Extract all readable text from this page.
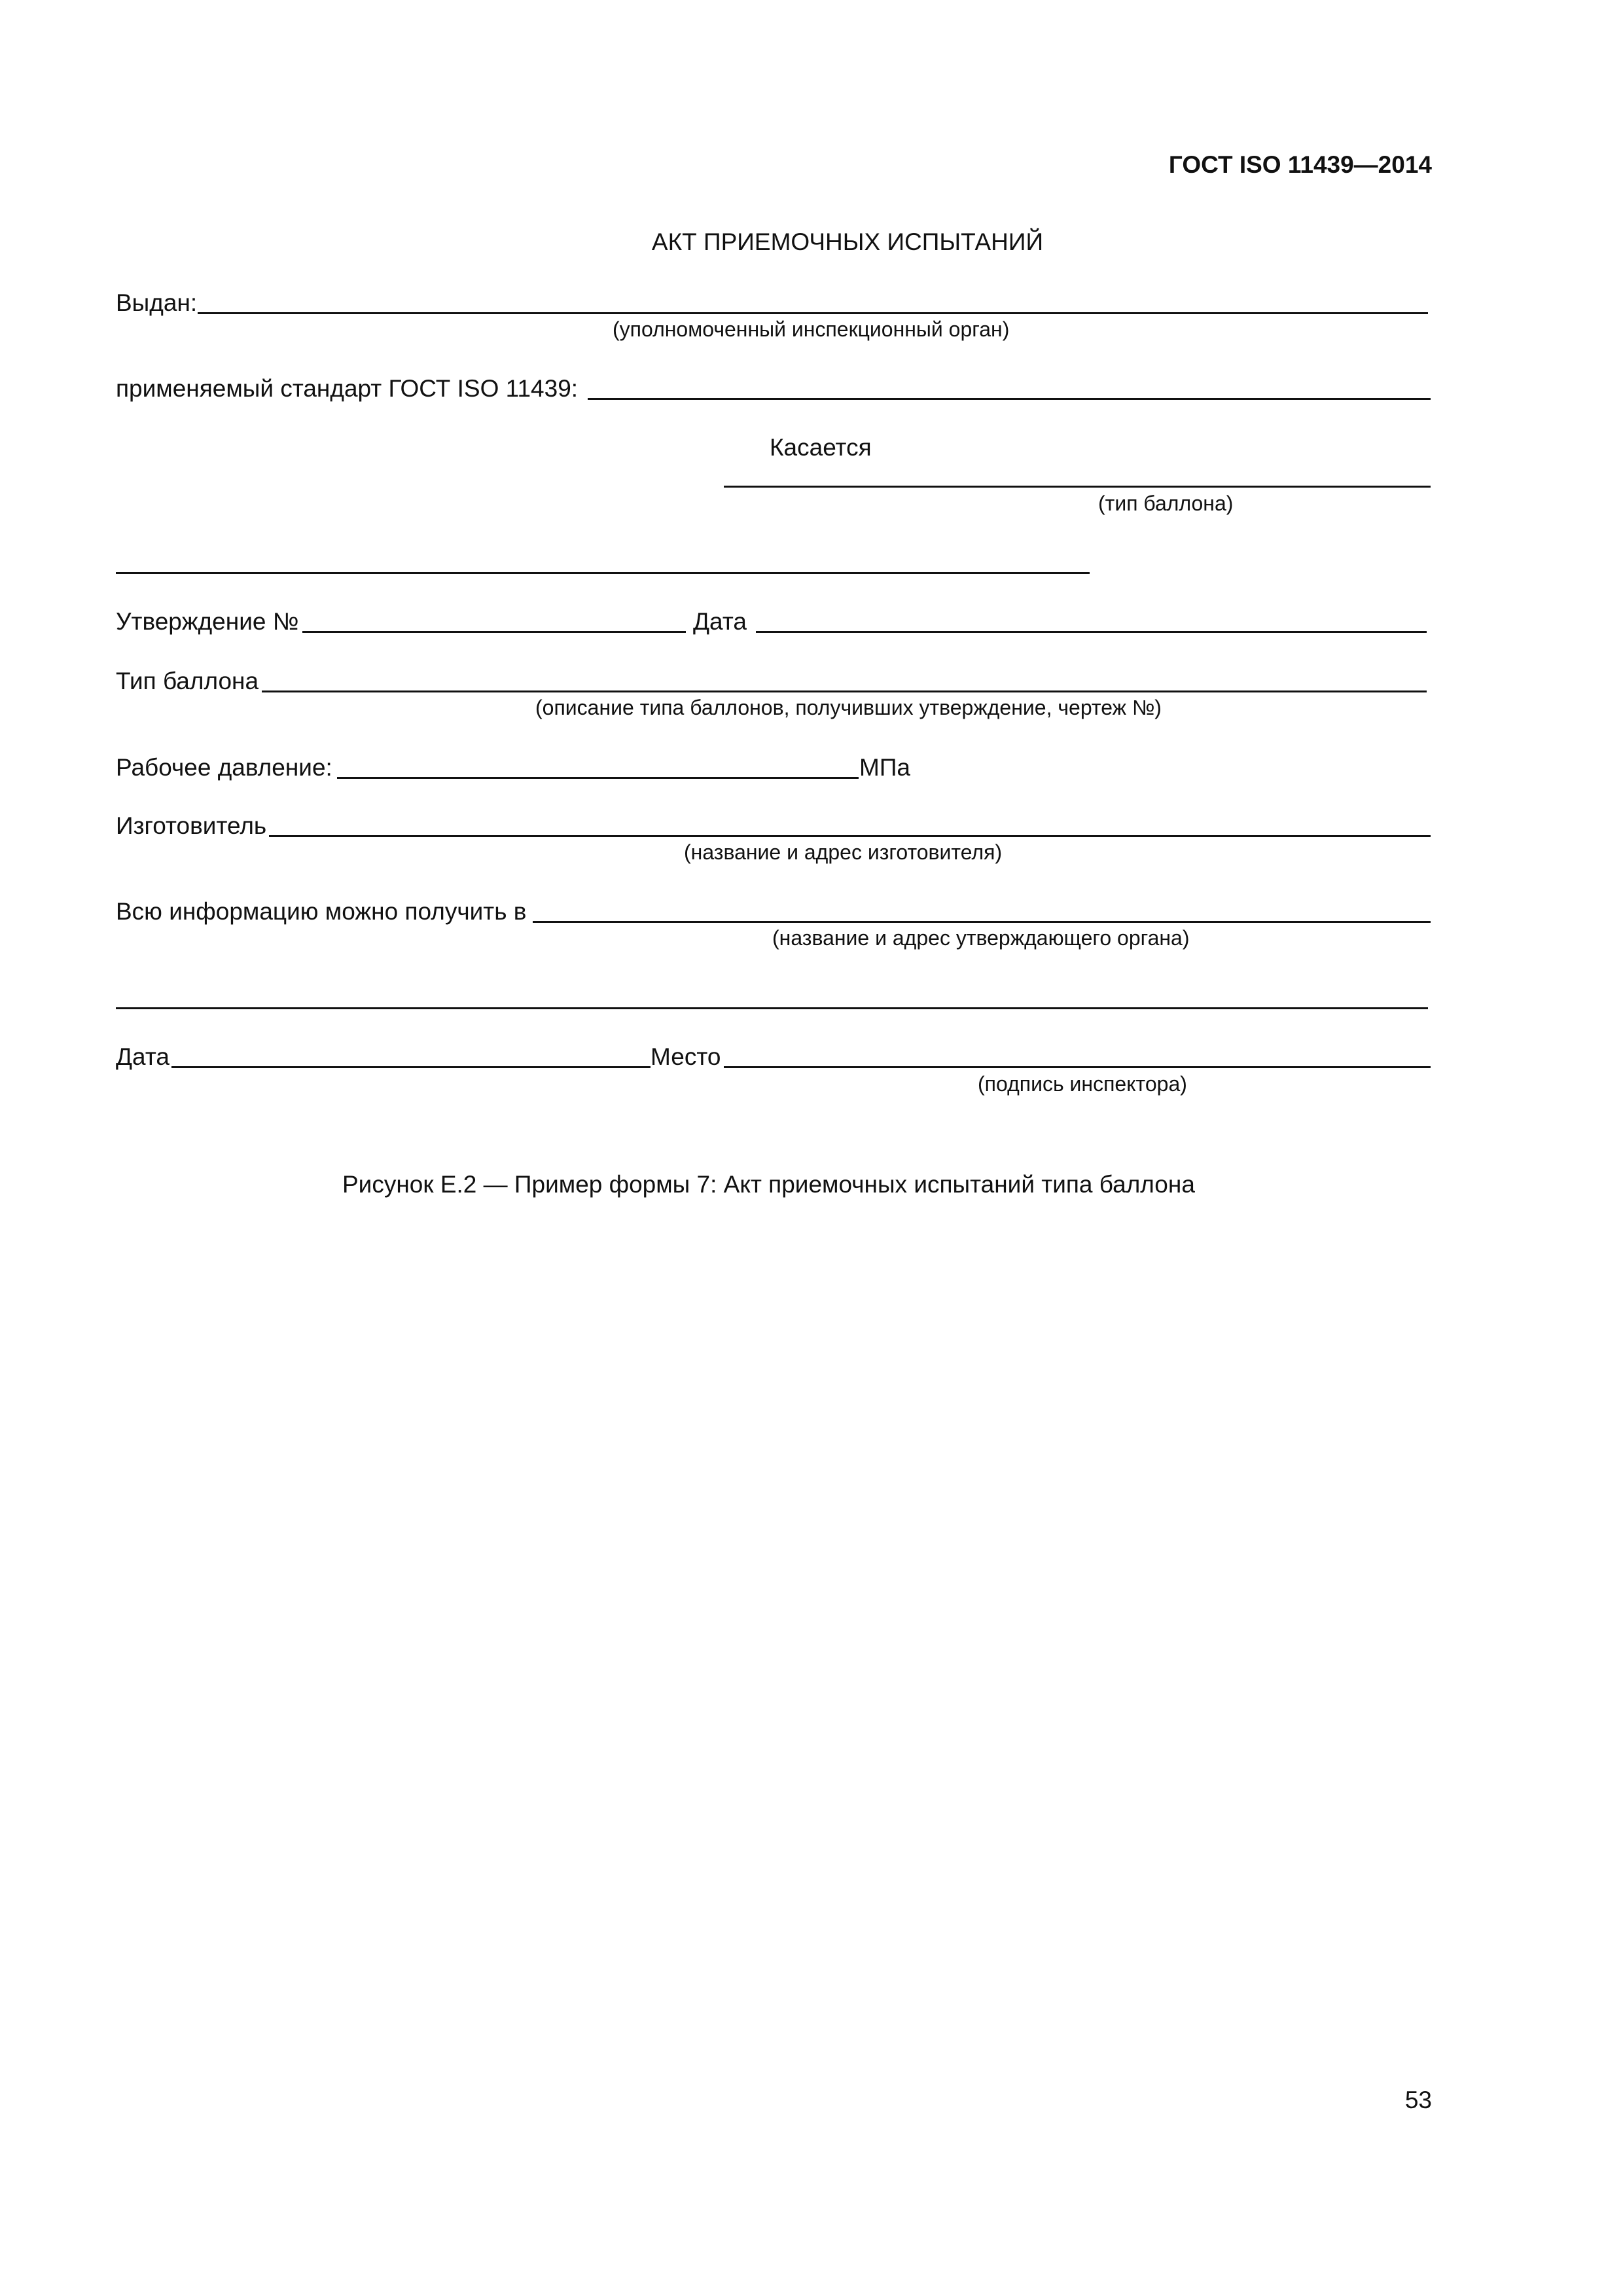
ГОСТ ISO 11439—2014
АКТ ПРИЕМОЧНЫХ ИСПЫТАНИЙ
Выдан:
(уполномоченный инспекционный орган)
применяемый стандарт ГОСТ ISO 11439:
Касается
(тип баллона)
Утверждение №	Дата
Тип баллона
(описание типа баллонов, получивших утверждение, чертеж №)
Рабочее давление:	МПа
Изготовитель
(название и адрес изготовителя)
Всю информацию можно получить в
(название и адрес утверждающего органа)
Дата	Место
(подпись инспектора)
Рисунок Е.2 — Пример формы 7: Акт приемочных испытаний типа баллона
53
